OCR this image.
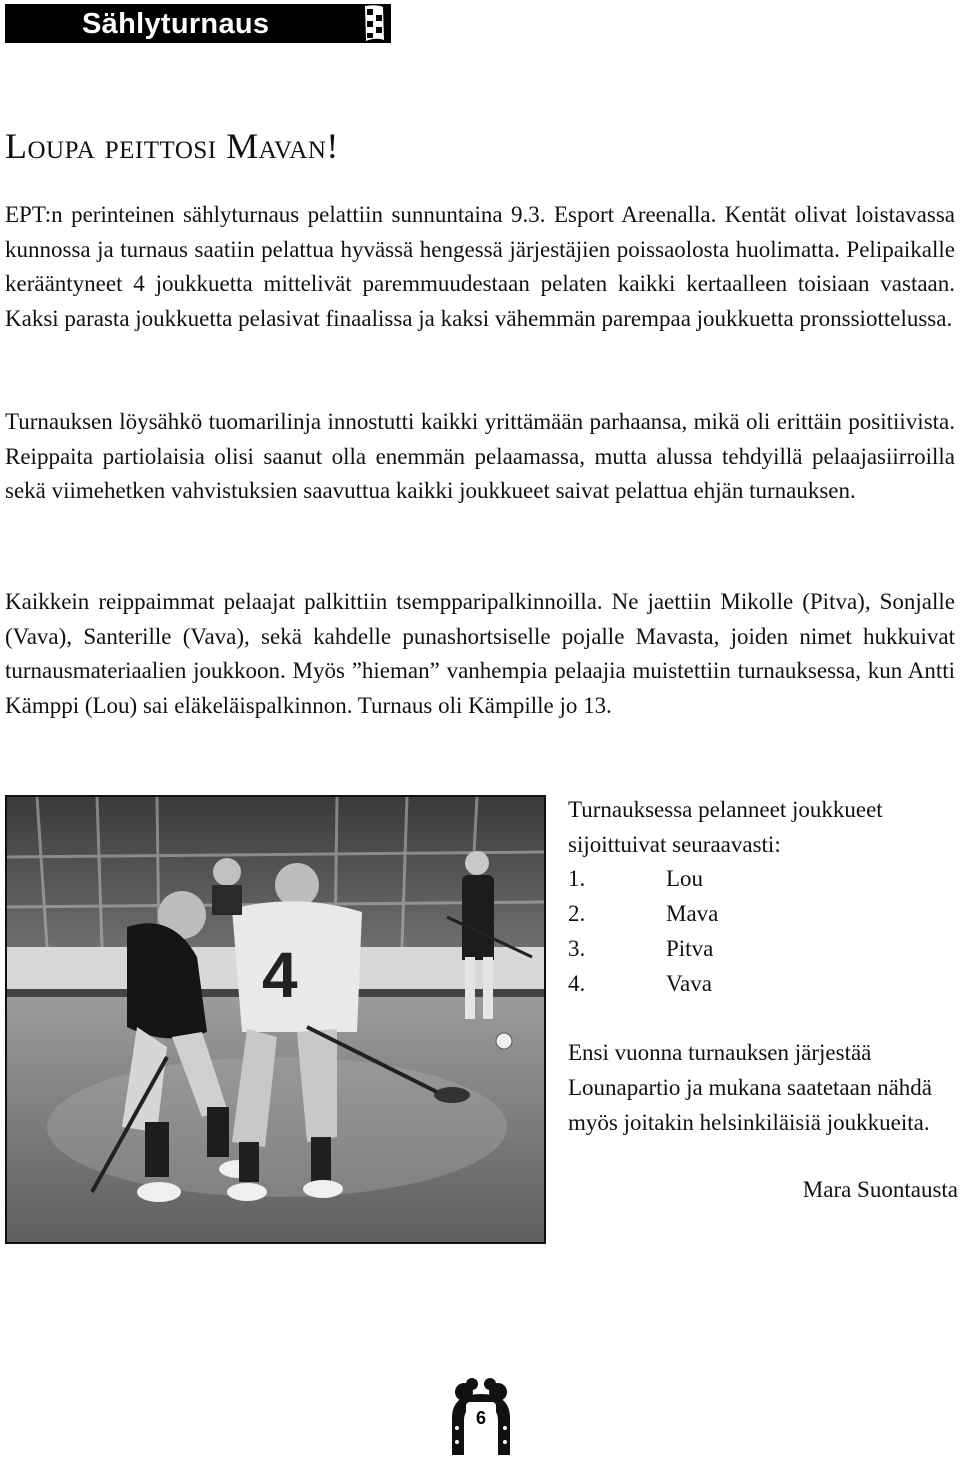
Sählyturnaus
Loupa peittosi Mavan!

EPT:n perinteinen sählyturnaus pelattiin sunnuntaina 9.3. Esport Areenalla. Kentät olivat loistavassa kunnossa ja turnaus saatiin pelattua hyvässä hengessä järjestäjien poissaolosta huolimatta. Pelipaikalle kerääntyneet 4 joukkuetta mittelivät paremmuudestaan pelaten kaikki kertaalleen toisiaan vastaan. Kaksi parasta joukkuetta pelasivat finaalissa ja kaksi vähemmän parempaa joukkuetta pronssiottelussa.

Turnauksen löysähkö tuomarilinja innostutti kaikki yrittämään parhaansa, mikä oli erittäin positiivista. Reippaita partiolaisia olisi saanut olla enemmän pelaamassa, mutta alussa tehdyillä pelaajasiirroilla sekä viimehetken vahvistuksien saavuttua kaikki joukkueet saivat pelattua ehjän turnauksen.

Kaikkein reippaimmat pelaajat palkittiin tsempparipalkinnoilla. Ne jaettiin Mikolle (Pitva), Sonjalle (Vava), Santerille (Vava), sekä kahdelle punashortsiselle pojalle Mavasta, joiden nimet hukkuivat turnausmateriaalien joukkoon. Myös ”hieman” vanhempia pelaajia muistettiin turnauksessa, kun Antti Kämppi (Lou) sai eläkeläispalkinnon. Turnaus oli Kämpille jo 13.

4

Turnauksessa pelanneet joukkueet sijoittuivat seuraavasti:

1.	Lou
2.	Mava
3.	Pitva
4.	Vava

Ensi vuonna turnauksen järjestää Lounapartio ja mukana saatetaan nähdä myös joitakin helsinkiläisiä joukkueita.

Mara Suontausta

6
